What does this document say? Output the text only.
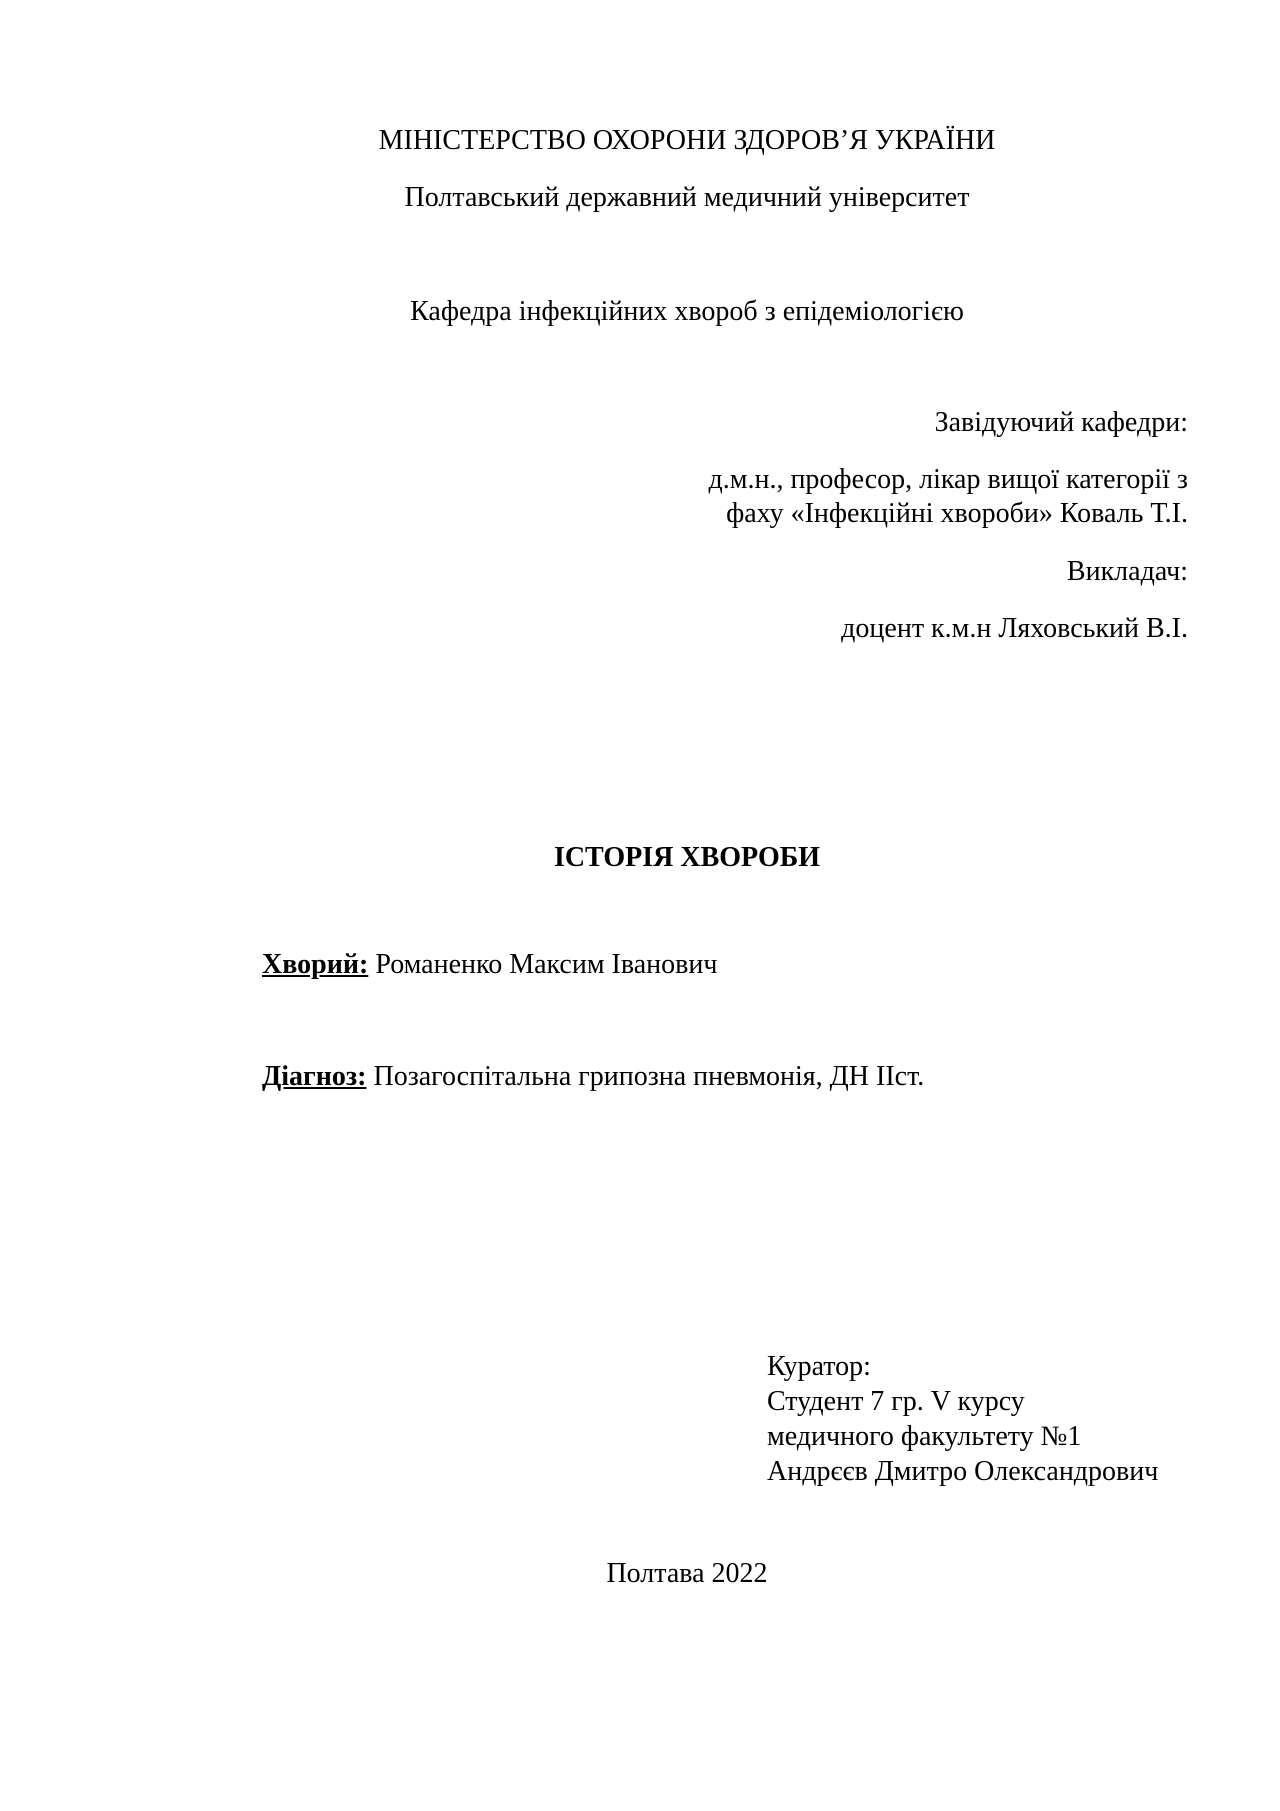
МІНІСТЕРСТВО ОХОРОНИ ЗДОРОВ’Я УКРАЇНИ
Полтавський державний медичний університет
Кафедра інфекційних хвороб з епідеміологією
Завідуючий кафедри:
д.м.н., професор, лікар вищої категорії з
фаху «Інфекційні хвороби» Коваль Т.І.
Викладач:
доцент к.м.н Ляховський В.І.
ІСТОРІЯ ХВОРОБИ
Хворий: Романенко Максим Іванович
Діагноз: Позагоспітальна грипозна пневмонія, ДН ІІст.
Куратор:
Студент 7 гр. V курсу
медичного факультету №1
Андрєєв Дмитро Олександрович
Полтава 2022
